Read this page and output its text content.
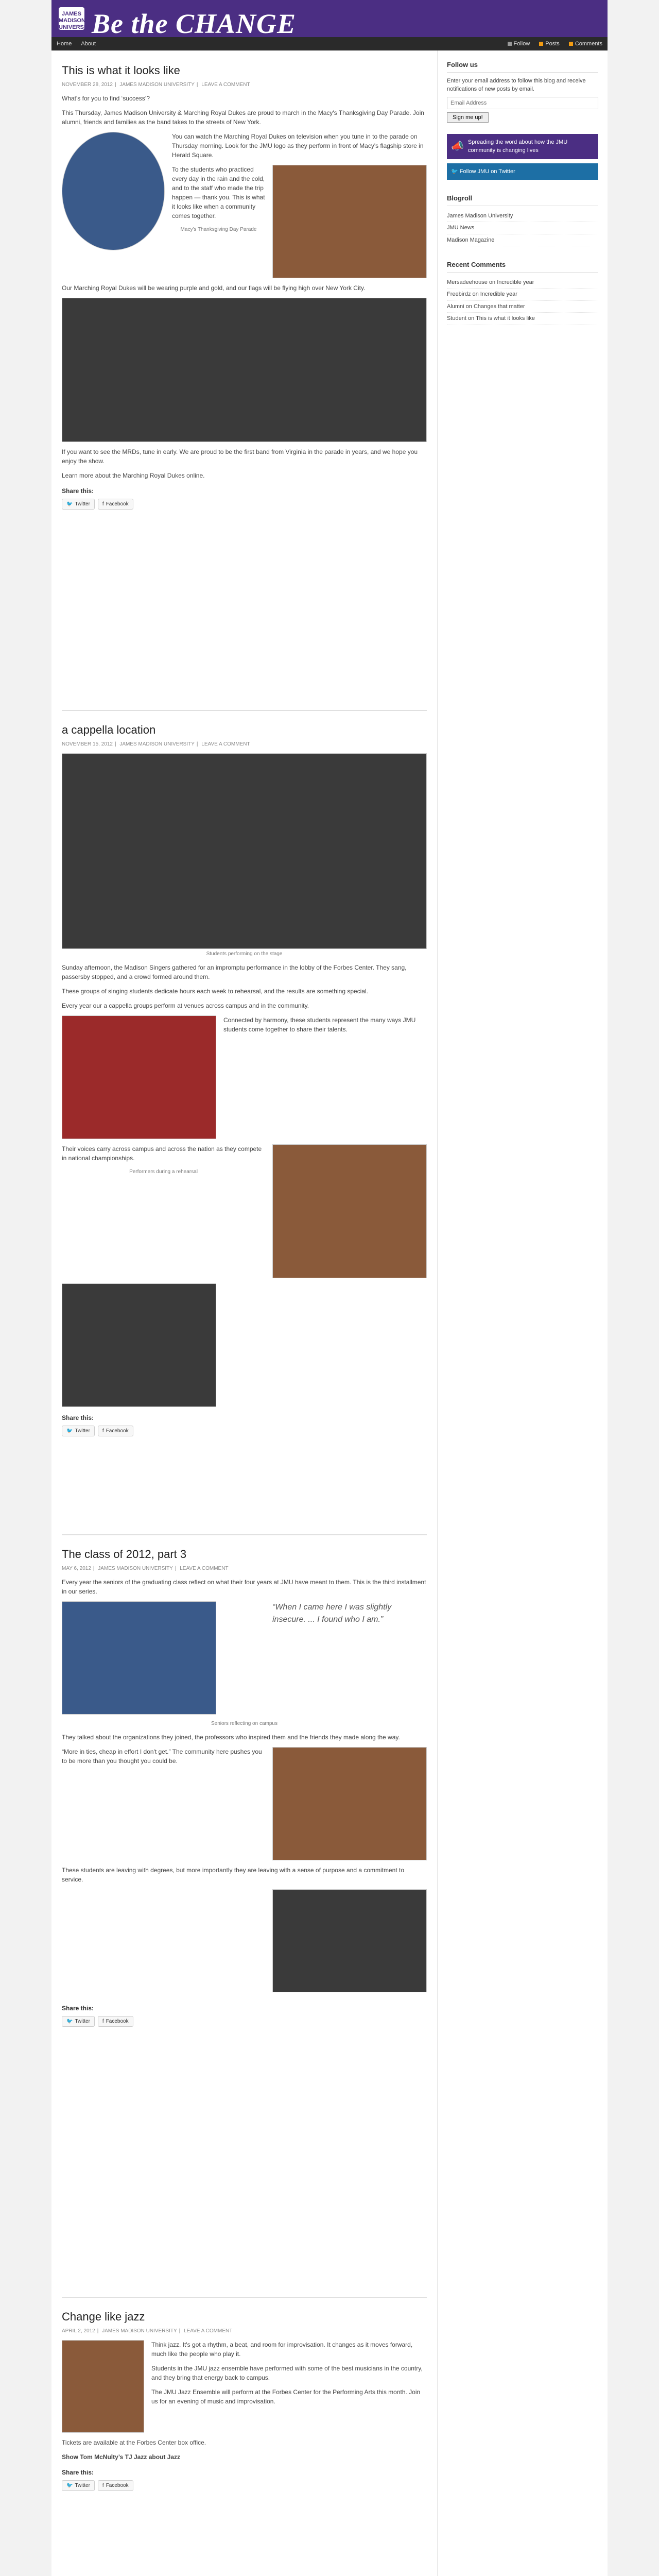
JAMES MADISON UNIVERSITY
Be the CHANGE
Home About	Follow	Posts	Comments
This is what it looks like
NOVEMBER 28, 2012 | JAMES MADISON UNIVERSITY | LEAVE A COMMENT

What's for you to find ‘success’?

This Thursday, James Madison University & Marching Royal Dukes are proud to march in the Macy's Thanksgiving Day Parade. Join alumni, friends and families as the band takes to the streets of New York.

You can watch the Marching Royal Dukes on television when you tune in to the parade on Thursday morning. Look for the JMU logo as they perform in front of Macy's flagship store in Herald Square.

To the students who practiced every day in the rain and the cold, and to the staff who made the trip happen — thank you. This is what it looks like when a community comes together.

Macy's Thanksgiving Day Parade

Our Marching Royal Dukes will be wearing purple and gold, and our flags will be flying high over New York City.

If you want to see the MRDs, tune in early. We are proud to be the first band from Virginia in the parade in years, and we hope you enjoy the show.

Learn more about the Marching Royal Dukes online.

Share this:
🐦 Twitter f Facebook
a cappella location
NOVEMBER 15, 2012 | JAMES MADISON UNIVERSITY | LEAVE A COMMENT
Students performing on the stage

Sunday afternoon, the Madison Singers gathered for an impromptu performance in the lobby of the Forbes Center. They sang, passersby stopped, and a crowd formed around them.

These groups of singing students dedicate hours each week to rehearsal, and the results are something special.

Every year our a cappella groups perform at venues across campus and in the community.

Connected by harmony, these students represent the many ways JMU students come together to share their talents.

Their voices carry across campus and across the nation as they compete in national championships.

Performers during a rehearsal
Share this:
🐦 Twitter f Facebook
The class of 2012, part 3
MAY 6, 2012 | JAMES MADISON UNIVERSITY | LEAVE A COMMENT

Every year the seniors of the graduating class reflect on what their four years at JMU have meant to them. This is the third installment in our series.

“When I came here I was slightly insecure. ... I found who I am.”
Seniors reflecting on campus

They talked about the organizations they joined, the professors who inspired them and the friends they made along the way.

“More in ties, cheap in effort I don't get.” The community here pushes you to be more than you thought you could be.

These students are leaving with degrees, but more importantly they are leaving with a sense of purpose and a commitment to service.

Share this:
🐦 Twitter f Facebook
Change like jazz
APRIL 2, 2012 | JAMES MADISON UNIVERSITY | LEAVE A COMMENT

Think jazz. It's got a rhythm, a beat, and room for improvisation. It changes as it moves forward, much like the people who play it.

Students in the JMU jazz ensemble have performed with some of the best musicians in the country, and they bring that energy back to campus.

The JMU Jazz Ensemble will perform at the Forbes Center for the Performing Arts this month. Join us for an evening of music and improvisation.

Tickets are available at the Forbes Center box office.

Show Tom McNulty’s TJ Jazz about Jazz

Share this:
🐦 Twitter f Facebook

Follow us

Enter your email address to follow this blog and receive notifications of new posts by email.

Email Address Sign me up!
📣 Spreading the word about how the JMU community is changing lives
🐦 Follow JMU on Twitter
Blogroll
James Madison University
JMU News
Madison Magazine
Recent Comments
Mersadeehouse on Incredible year
Freebirdz on Incredible year
Alumni on Changes that matter
Student on This is what it looks like
